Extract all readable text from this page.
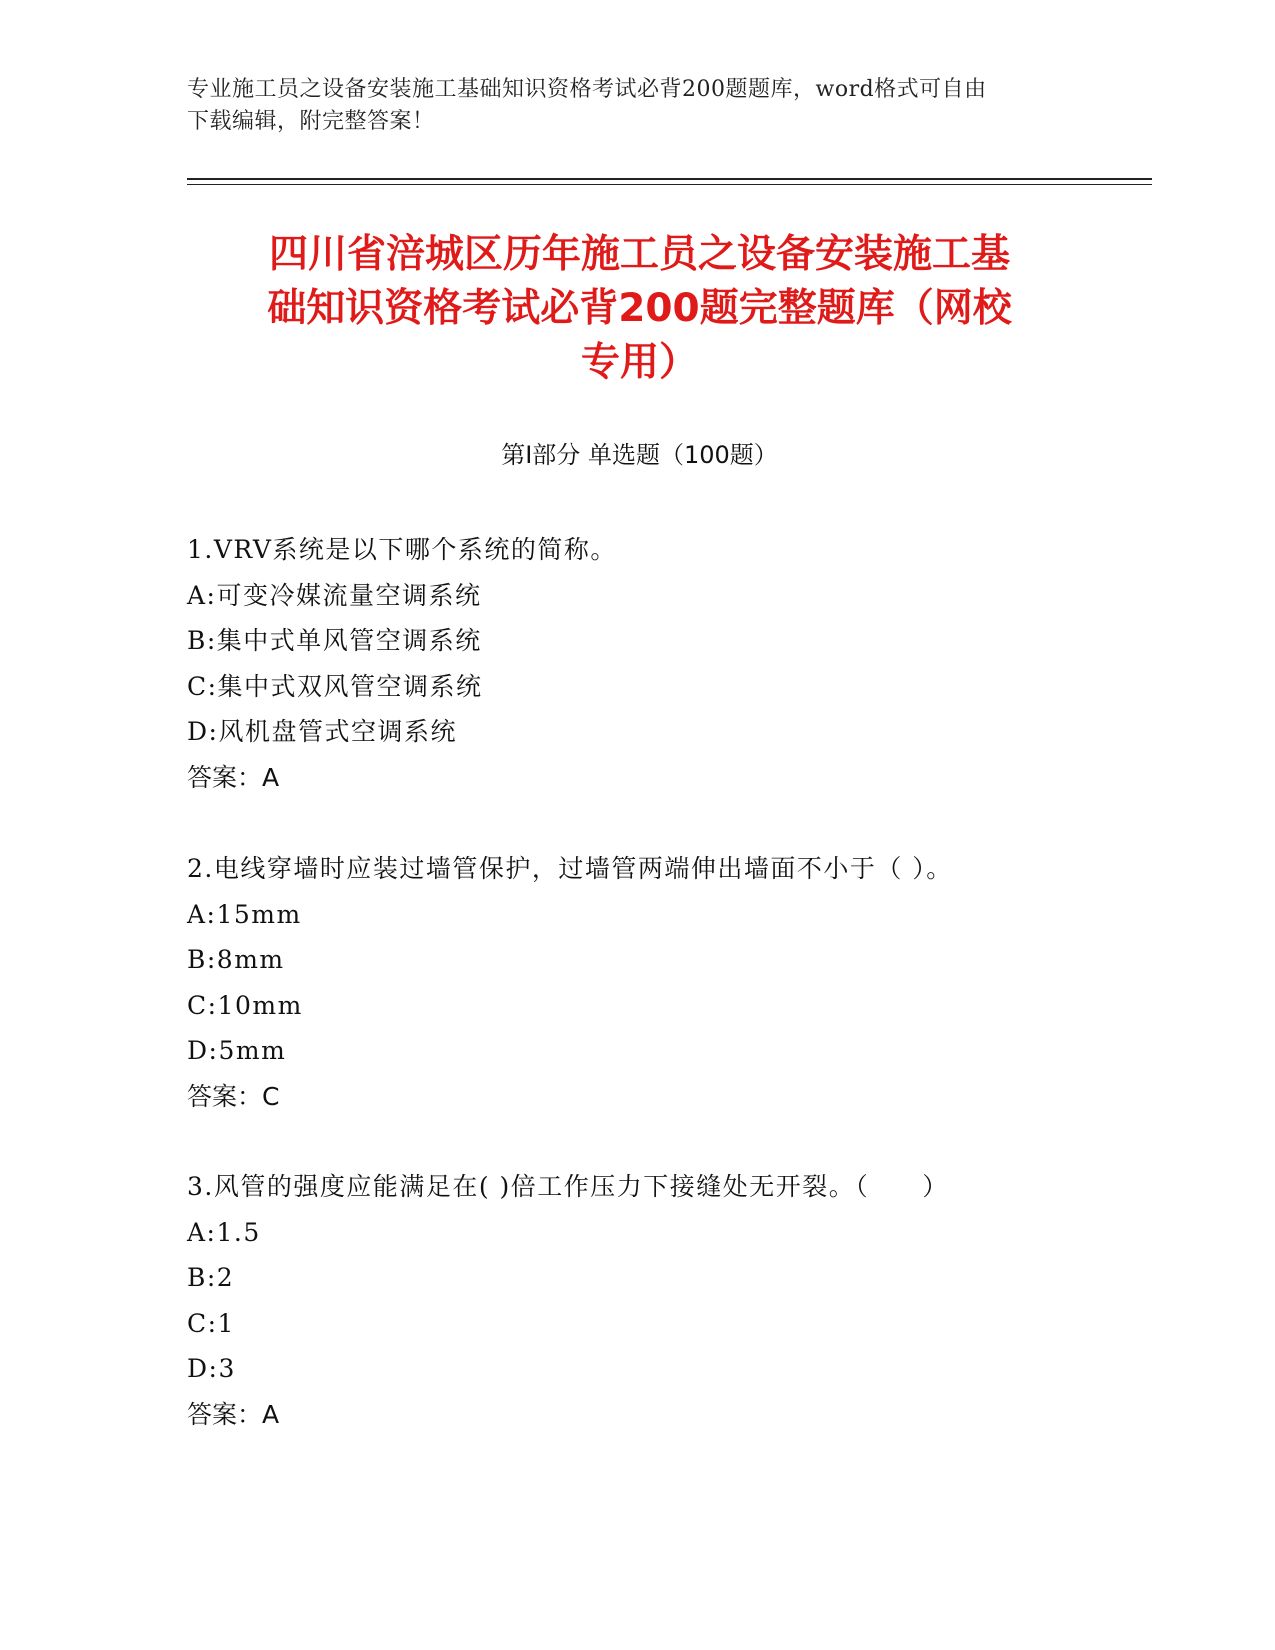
专业施工员之设备安装施工基础知识资格考试必背200题题库，word格式可自由
下载编辑，附完整答案！
四川省涪城区历年施工员之设备安装施工基
础知识资格考试必背200题完整题库（网校
专用）
第Ⅰ部分 单选题（100题）
1.VRV系统是以下哪个系统的简称。
A:可变冷媒流量空调系统
B:集中式单风管空调系统
C:集中式双风管空调系统
D:风机盘管式空调系统
答案：A
2.电线穿墙时应装过墙管保护，过墙管两端伸出墙面不小于（ ）。
A:15mm
B:8mm
C:10mm
D:5mm
答案：C
3.风管的强度应能满足在( )倍工作压力下接缝处无开裂。（　　）
A:1.5
B:2
C:1
D:3
答案：A
